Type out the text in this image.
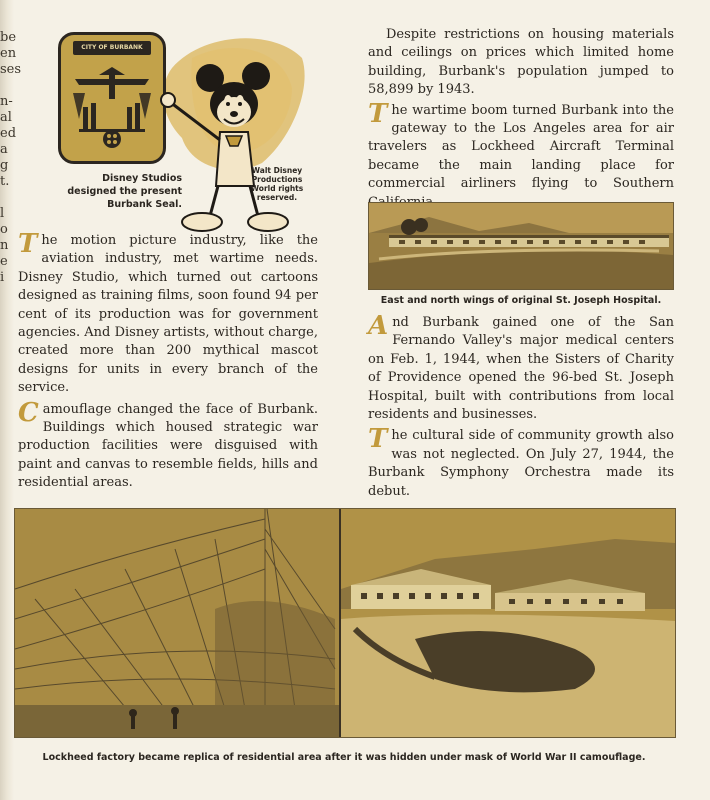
be
en
ses

n-
al
ed
a
g
t.

l
o
n
e
i

CITY OF BURBANK
Disney Studios designed the present Burbank Seal.
Walt Disney Productions World rights reserved.

The motion picture industry, like the aviation industry, met wartime needs. Disney Studio, which turned out cartoons designed as training films, soon found 94 per cent of its production was for government agencies. And Disney artists, without charge, created more than 200 mythical mascot designs for units in every branch of the service.

Camouflage changed the face of Burbank. Buildings which housed strategic war production facilities were disguised with paint and canvas to resemble fields, hills and residential areas.

Despite restrictions on housing materials and ceilings on prices which limited home building, Burbank's population jumped to 58,899 by 1943.

The wartime boom turned Burbank into the gateway to the Los Angeles area for air travelers as Lockheed Aircraft Terminal became the main landing place for commercial airliners flying to Southern

East and north wings of original St. Joseph Hospital.

And Burbank gained one of the San Fernando Valley's major medical centers on Feb. 1, 1944, when the Sisters of Charity of Providence opened the 96-bed St. Joseph Hospital, built with contributions from local residents and businesses.

The cultural side of community growth also was not neglected. On July 27, 1944, the Burbank Symphony Orchestra made its debut.

Lockheed factory became replica of residential area after it was hidden under mask of World War II camouflage.
